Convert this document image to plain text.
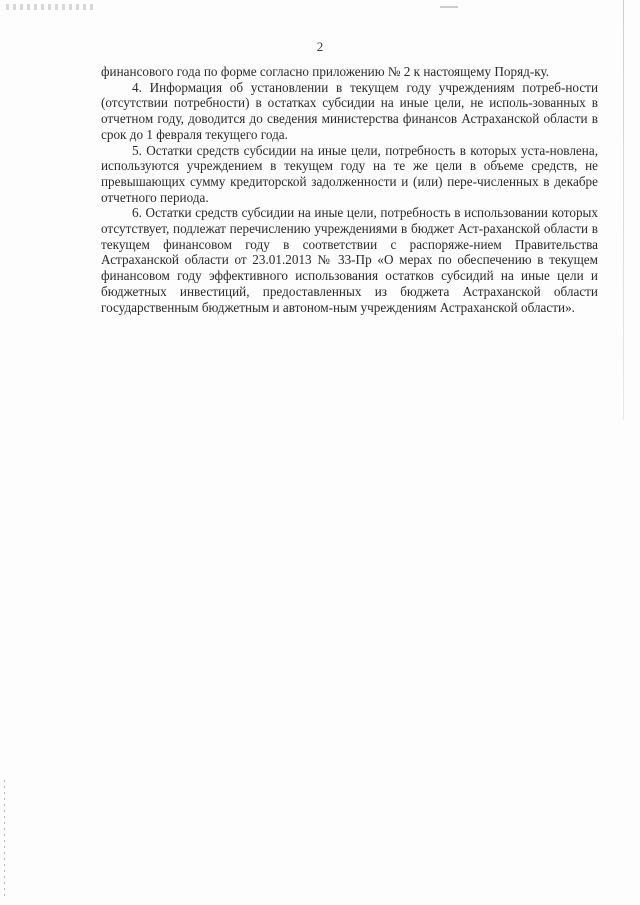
2

финансового года по форме согласно приложению № 2 к настоящему Поряд-ку.

4. Информация об установлении в текущем году учреждениям потреб-ности (отсутствии потребности) в остатках субсидии на иные цели, не исполь-зованных в отчетном году, доводится до сведения министерства финансов Астраханской области в срок до 1 февраля текущего года.

5. Остатки средств субсидии на иные цели, потребность в которых уста-новлена, используются учреждением в текущем году на те же цели в объеме средств, не превышающих сумму кредиторской задолженности и (или) пере-численных в декабре отчетного периода.

6. Остатки средств субсидии на иные цели, потребность в использовании которых отсутствует, подлежат перечислению учреждениями в бюджет Аст-раханской области в текущем финансовом году в соответствии с распоряже-нием Правительства Астраханской области от 23.01.2013 № 33-Пр «О мерах по обеспечению в текущем финансовом году эффективного использования остатков субсидий на иные цели и бюджетных инвестиций, предоставленных из бюджета Астраханской области государственным бюджетным и автоном-ным учреждениям Астраханской области».
